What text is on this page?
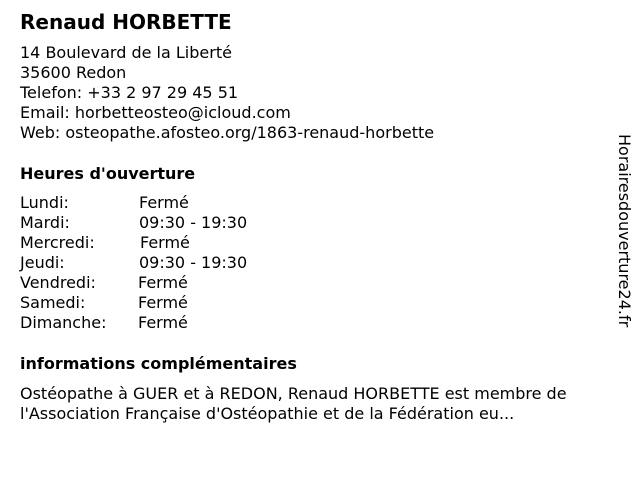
Renaud HORBETTE
14 Boulevard de la Liberté
35600 Redon
Telefon: +33 2 97 29 45 51
Email: horbetteosteo@icloud.com
Web: osteopathe.afosteo.org/1863-renaud-horbette
Heures d'ouverture
Lundi:	Fermé
Mardi:	09:30 - 19:30
Mercredi:	Fermé
Jeudi:	09:30 - 19:30
Vendredi:	Fermé
Samedi:	Fermé
Dimanche: Fermé
informations complémentaires
Ostéopathe à GUER et à REDON, Renaud HORBETTE est membre de
l'Association Française d'Ostéopathie et de la Fédération eu...
Horairesdouverture24.fr
